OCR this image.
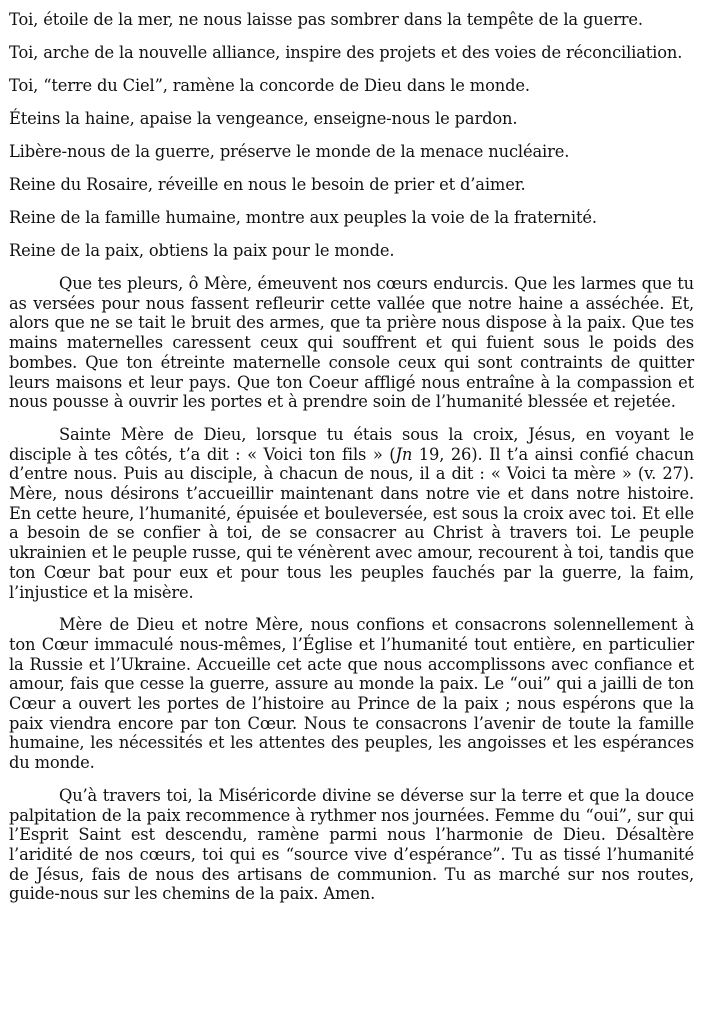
Toi, étoile de la mer, ne nous laisse pas sombrer dans la tempête de la guerre.

Toi, arche de la nouvelle alliance, inspire des projets et des voies de réconciliation.

Toi, “terre du Ciel”, ramène la concorde de Dieu dans le monde.

Éteins la haine, apaise la vengeance, enseigne-nous le pardon.

Libère-nous de la guerre, préserve le monde de la menace nucléaire.

Reine du Rosaire, réveille en nous le besoin de prier et d’aimer.

Reine de la famille humaine, montre aux peuples la voie de la fraternité.

Reine de la paix, obtiens la paix pour le monde.

Que tes pleurs, ô Mère, émeuvent nos cœurs endurcis. Que les larmes que tu as versées pour nous fassent refleurir cette vallée que notre haine a asséchée. Et, alors que ne se tait le bruit des armes, que ta prière nous dispose à la paix. Que tes mains maternelles caressent ceux qui souffrent et qui fuient sous le poids des bombes. Que ton étreinte maternelle console ceux qui sont contraints de quitter leurs maisons et leur pays. Que ton Coeur affligé nous entraîne à la compassion et nous pousse à ouvrir les portes et à prendre soin de l’humanité blessée et rejetée.

Sainte Mère de Dieu, lorsque tu étais sous la croix, Jésus, en voyant le disciple à tes côtés, t’a dit : « Voici ton fils » (Jn 19, 26). Il t’a ainsi confié chacun d’entre nous. Puis au disciple, à chacun de nous, il a dit : « Voici ta mère » (v. 27). Mère, nous désirons t’accueillir maintenant dans notre vie et dans notre histoire. En cette heure, l’humanité, épuisée et bouleversée, est sous la croix avec toi. Et elle a besoin de se confier à toi, de se consacrer au Christ à travers toi. Le peuple ukrainien et le peuple russe, qui te vénèrent avec amour, recourent à toi, tandis que ton Cœur bat pour eux et pour tous les peuples fauchés par la guerre, la faim, l’injustice et la misère.

Mère de Dieu et notre Mère, nous confions et consacrons solennellement à ton Cœur immaculé nous-mêmes, l’Église et l’humanité tout entière, en particulier la Russie et l’Ukraine. Accueille cet acte que nous accomplissons avec confiance et amour, fais que cesse la guerre, assure au monde la paix. Le “oui” qui a jailli de ton Cœur a ouvert les portes de l’histoire au Prince de la paix ; nous espérons que la paix viendra encore par ton Cœur. Nous te consacrons l’avenir de toute la famille humaine, les nécessités et les attentes des peuples, les angoisses et les espérances du monde.

Qu’à travers toi, la Miséricorde divine se déverse sur la terre et que la douce palpitation de la paix recommence à rythmer nos journées. Femme du “oui”, sur qui l’Esprit Saint est descendu, ramène parmi nous l’harmonie de Dieu. Désaltère l’aridité de nos cœurs, toi qui es “source vive d’espérance”. Tu as tissé l’humanité de Jésus, fais de nous des artisans de communion. Tu as marché sur nos routes, guide-nous sur les chemins de la paix. Amen.
